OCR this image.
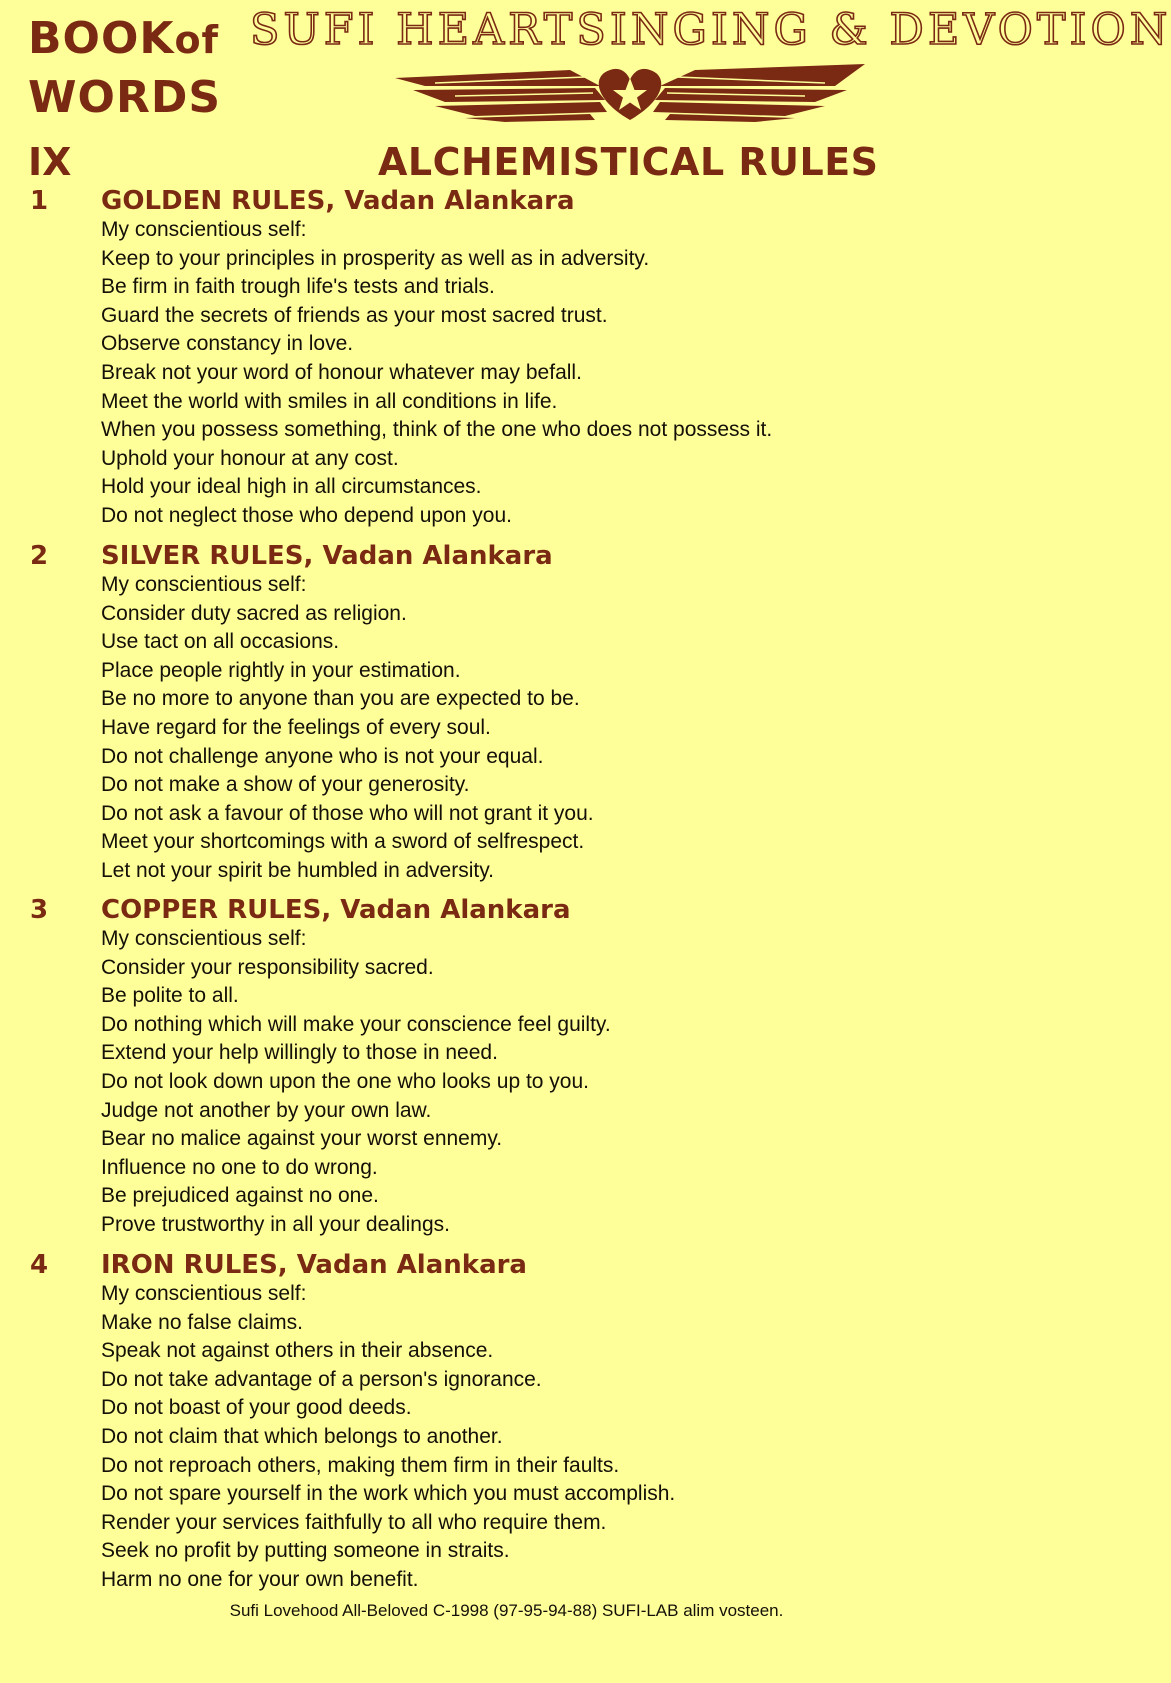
BOOKof
WORDS
SUFI HEARTSINGING & DEVOTION
IX	ALCHEMISTICAL RULES
1 GOLDEN RULES, Vadan Alankara
My conscientious self:
Keep to your principles in prosperity as well as in adversity.
Be firm in faith trough life's tests and trials.
Guard the secrets of friends as your most sacred trust.
Observe constancy in love.
Break not your word of honour whatever may befall.
Meet the world with smiles in all conditions in life.
When you possess something, think of the one who does not possess it.
Uphold your honour at any cost.
Hold your ideal high in all circumstances.
Do not neglect those who depend upon you.
2 SILVER RULES, Vadan Alankara
My conscientious self:
Consider duty sacred as religion.
Use tact on all occasions.
Place people rightly in your estimation.
Be no more to anyone than you are expected to be.
Have regard for the feelings of every soul.
Do not challenge anyone who is not your equal.
Do not make a show of your generosity.
Do not ask a favour of those who will not grant it you.
Meet your shortcomings with a sword of selfrespect.
Let not your spirit be humbled in adversity.
3 COPPER RULES, Vadan Alankara
My conscientious self:
Consider your responsibility sacred.
Be polite to all.
Do nothing which will make your conscience feel guilty.
Extend your help willingly to those in need.
Do not look down upon the one who looks up to you.
Judge not another by your own law.
Bear no malice against your worst ennemy.
Influence no one to do wrong.
Be prejudiced against no one.
Prove trustworthy in all your dealings.
4 IRON RULES, Vadan Alankara
My conscientious self:
Make no false claims.
Speak not against others in their absence.
Do not take advantage of a person's ignorance.
Do not boast of your good deeds.
Do not claim that which belongs to another.
Do not reproach others, making them firm in their faults.
Do not spare yourself in the work which you must accomplish.
Render your services faithfully to all who require them.
Seek no profit by putting someone in straits.
Harm no one for your own benefit.
Sufi Lovehood All-Beloved C-1998 (97-95-94-88) SUFI-LAB alim vosteen.
